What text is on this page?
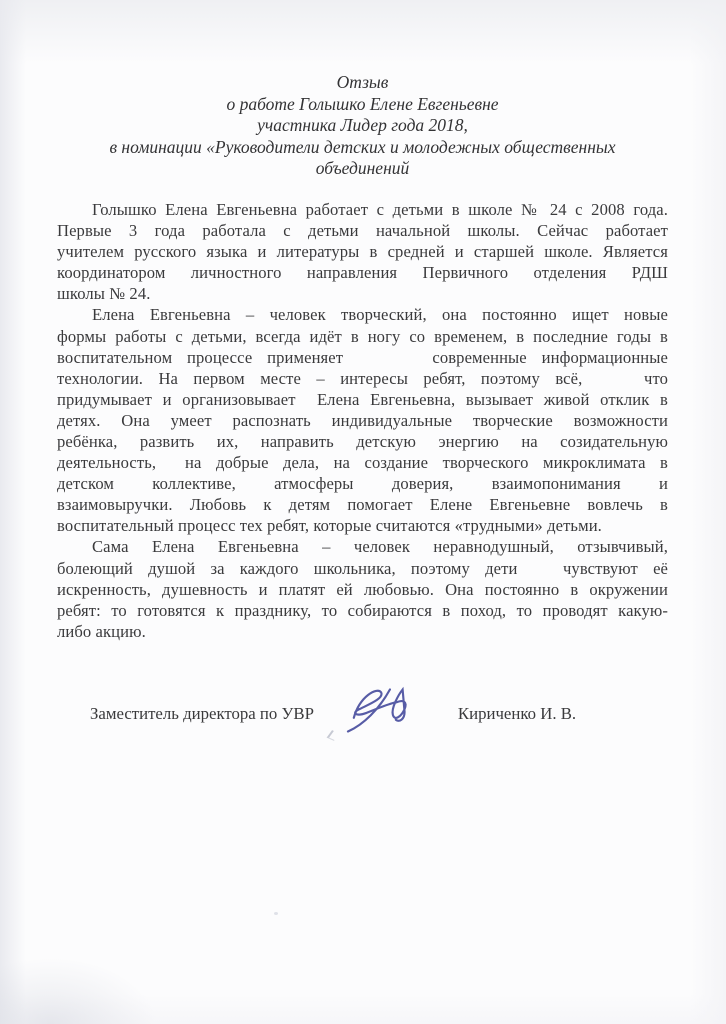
Отзыв
о работе Голышко Елене Евгеньевне
участника Лидер года 2018,
в номинации «Руководители детских и молодежных общественных
объединений
Голышко Елена Евгеньевна работает с детьми в школе № 24 с 2008 года.
Первые 3 года работала с детьми начальной школы. Сейчас работает
учителем русского языка и литературы в средней и старшей школе. Является
координатором личностного направления Первичного отделения РДШ
школы № 24.
Елена Евгеньевна – человек творческий, она постоянно ищет новые
формы работы с детьми, всегда идёт в ногу со временем, в последние годы в
воспитательном процессе применяет      современные информационные
технологии. На первом месте – интересы ребят, поэтому всё,    что
придумывает и организовывает  Елена Евгеньевна, вызывает живой отклик в
детях. Она умеет распознать индивидуальные творческие возможности
ребёнка, развить их, направить детскую энергию на созидательную
деятельность,  на добрые дела, на создание творческого микроклимата в
детском коллективе, атмосферы доверия, взаимопонимания и
взаимовыручки. Любовь к детям помогает Елене Евгеньевне вовлечь в
воспитательный процесс тех ребят, которые считаются «трудными» детьми.
Сама Елена Евгеньевна – человек неравнодушный, отзывчивый,
болеющий душой за каждого школьника, поэтому дети   чувствуют её
искренность, душевность и платят ей любовью. Она постоянно в окружении
ребят: то готовятся к празднику, то собираются в поход, то проводят какую-
либо акцию.
Заместитель директора по УВР	Кириченко И. В.
